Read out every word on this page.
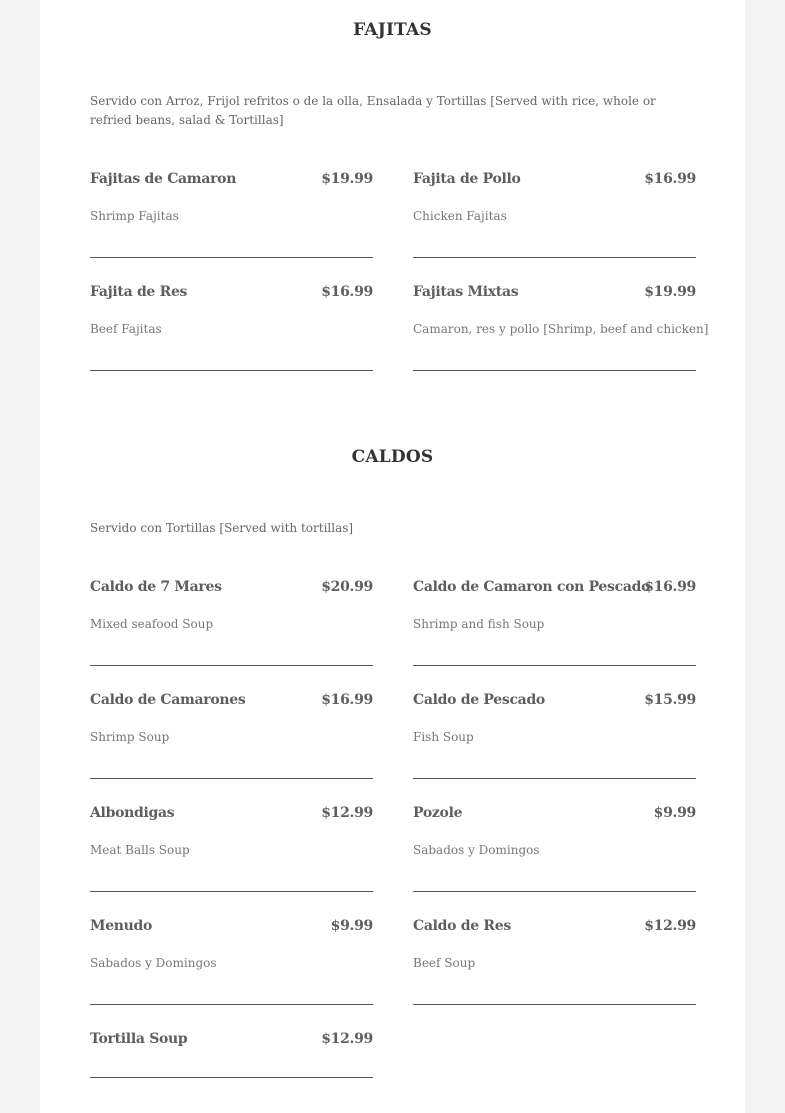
FAJITAS
Servido con Arroz, Frijol refritos o de la olla, Ensalada y Tortillas [Served with rice, whole or refried beans, salad & Tortillas]
Fajitas de Camaron	$19.99
Shrimp Fajitas
Fajita de Pollo	$16.99
Chicken Fajitas
Fajita de Res	$16.99
Beef Fajitas
Fajitas Mixtas	$19.99
Camaron, res y pollo [Shrimp, beef and chicken]
CALDOS
Servido con Tortillas [Served with tortillas]
Caldo de 7 Mares	$20.99
Mixed seafood Soup
Caldo de Camaron con Pescado
$16.99
Shrimp and fish Soup
Caldo de Camarones	$16.99
Shrimp Soup
Caldo de Pescado	$15.99
Fish Soup
Albondigas	$12.99
Meat Balls Soup
Pozole	$9.99
Sabados y Domingos
Menudo	$9.99
Sabados y Domingos
Caldo de Res	$12.99
Beef Soup
Tortilla Soup	$12.99
